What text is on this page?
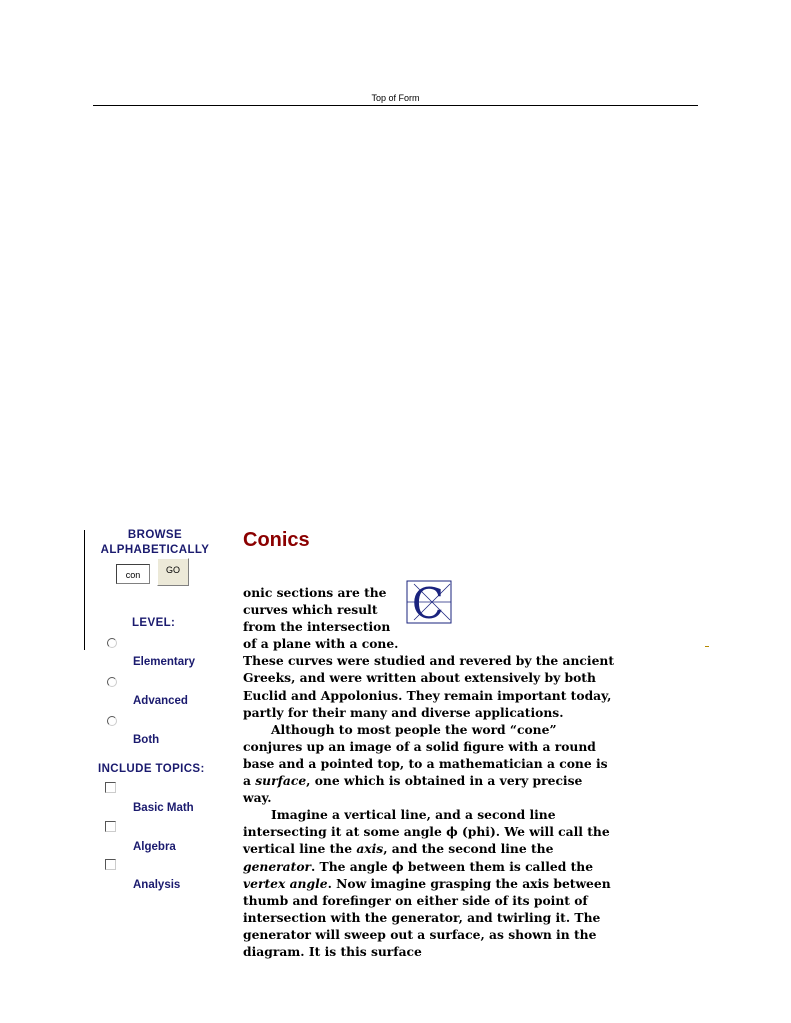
Top of Form
BROWSE ALPHABETICALLY
con	GO
LEVEL:
Elementary
Advanced
Both
INCLUDE TOPICS:
Basic Math
Algebra
Analysis
Conics
C

onic sections are the

curves which result

from the intersection

of a plane with a cone.

These curves were studied and revered by the ancient Greeks, and were written about extensively by both Euclid and Appolonius. They remain important today, partly for their many and diverse applications.

Although to most people the word “cone” conjures up an image of a solid figure with a round base and a pointed top, to a mathematician a cone is a surface, one which is obtained in a very precise way.

Imagine a vertical line, and a second line intersecting it at some angle ϕ (phi). We will call the vertical line the axis, and the second line the generator. The angle ϕ between them is called the vertex angle. Now imagine grasping the axis between thumb and forefinger on either side of its point of intersection with the generator, and twirling it. The generator will sweep out a surface, as shown in the diagram. It is this surface
